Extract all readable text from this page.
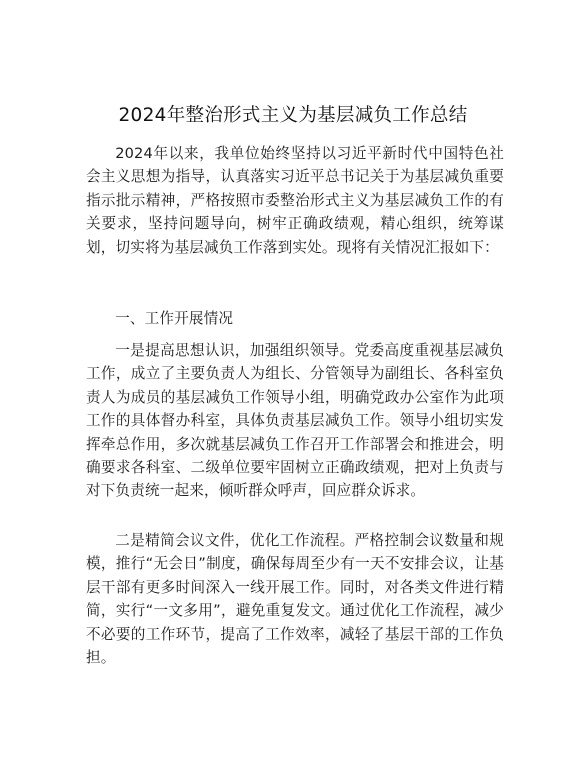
2024年整治形式主义为基层减负工作总结

2024年以来，我单位始终坚持以习近平新时代中国特色社会主义思想为指导，认真落实习近平总书记关于为基层减负重要指示批示精神，严格按照市委整治形式主义为基层减负工作的有关要求，坚持问题导向，树牢正确政绩观，精心组织，统筹谋划，切实将为基层减负工作落到实处。现将有关情况汇报如下：

一、工作开展情况

一是提高思想认识，加强组织领导。党委高度重视基层减负工作，成立了主要负责人为组长、分管领导为副组长、各科室负责人为成员的基层减负工作领导小组，明确党政办公室作为此项工作的具体督办科室，具体负责基层减负工作。领导小组切实发挥牵总作用，多次就基层减负工作召开工作部署会和推进会，明确要求各科室、二级单位要牢固树立正确政绩观，把对上负责与对下负责统一起来，倾听群众呼声，回应群众诉求。

二是精简会议文件，优化工作流程。严格控制会议数量和规模，推行“无会日”制度，确保每周至少有一天不安排会议，让基层干部有更多时间深入一线开展工作。同时，对各类文件进行精简，实行“一文多用”，避免重复发文。通过优化工作流程，减少不必要的工作环节，提高了工作效率，减轻了基层干部的工作负担。
